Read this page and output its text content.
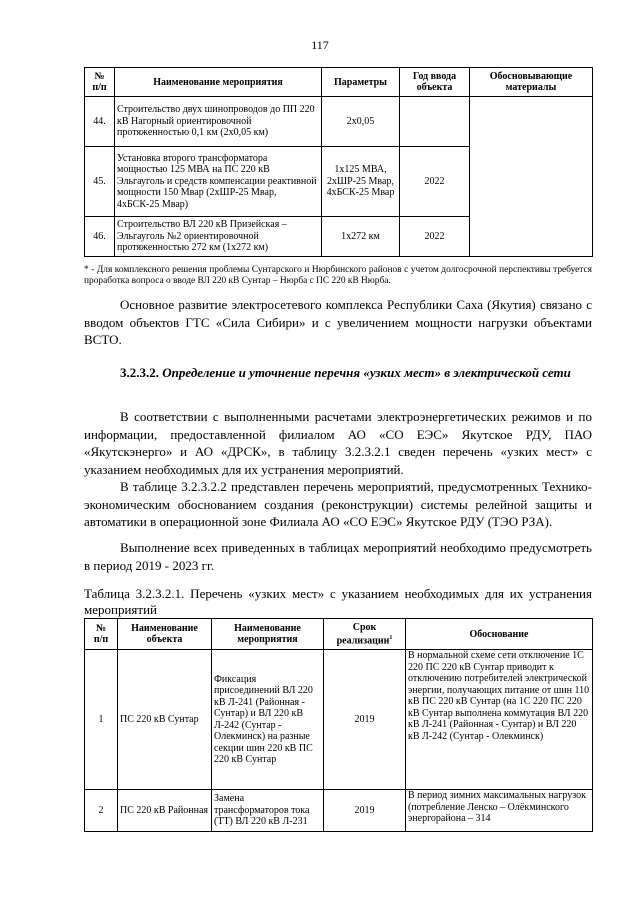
117
№
п/п	Наименование мероприятия	Параметры	Год ввода объекта	Обосновывающие материалы
44.	Строительство двух шинопроводов до ПП 220 кВ Нагорный ориентировочной протяженностью 0,1 км (2х0,05 км)	2х0,05		
45.	Установка второго трансформатора мощностью 125 МВА на ПС 220 кВ Эльгауголь и средств компенсации реактивной мощности 150 Мвар (2хШР-25 Мвар, 4хБСК-25 Мвар)	1х125 МВА, 2хШР-25 Мвар, 4хБСК-25 Мвар	2022	
46.	Строительство ВЛ 220 кВ Призейская – Эльгауголь №2 ориентировочной протяженностью 272 км (1х272 км)	1х272 км	2022	
* - Для комплексного решения проблемы Сунтарского и Нюрбинского районов с учетом долгосрочной перспективы требуется проработка вопроса о вводе ВЛ 220 кВ Сунтар – Нюрба с ПС 220 кВ Нюрба.
Основное развитие электросетевого комплекса Республики Саха (Якутия) связано с вводом объектов ГТС «Сила Сибири» и с увеличением мощности нагрузки объектами ВСТО.
3.2.3.2. Определение и уточнение перечня «узких мест» в электрической сети
В соответствии с выполненными расчетами электроэнергетических режимов и по информации, предоставленной филиалом АО «СО ЕЭС» Якутское РДУ, ПАО «Якутскэнерго» и АО «ДРСК», в таблицу 3.2.3.2.1 сведен перечень «узких мест» с указанием необходимых для их устранения мероприятий.
В таблице 3.2.3.2.2 представлен перечень мероприятий, предусмотренных Технико-экономическим обоснованием создания (реконструкции) системы релейной защиты и автоматики в операционной зоне Филиала АО «СО ЕЭС» Якутское РДУ (ТЭО РЗА).
Выполнение всех приведенных в таблицах мероприятий необходимо предусмотреть в период 2019 - 2023 гг.
Таблица 3.2.3.2.1. Перечень «узких мест» с указанием необходимых для их устранения мероприятий
№
п/п	Наименование объекта	Наименование мероприятия	Срок реализации$^1$	Обоснование
1	ПС 220 кВ Сунтар	Фиксация присоединений ВЛ 220 кВ Л-241 (Районная - Сунтар) и ВЛ 220 кВ Л-242 (Сунтар - Олекминск) на разные секции шин 220 кВ ПС 220 кВ Сунтар	2019	В нормальной схеме сети отключение 1С 220 ПС 220 кВ Сунтар приводит к отключению потребителей электрической энергии, получающих питание от шин 110 кВ ПС 220 кВ Сунтар (на 1С 220 ПС 220 кВ Сунтар выполнена коммутация ВЛ 220 кВ Л-241 (Районная - Сунтар) и ВЛ 220 кВ Л-242 (Сунтар - Олекминск)
2	ПС 220 кВ Районная	Замена трансформаторов тока (ТТ) ВЛ 220 кВ Л-231	2019	В период зимних максимальных нагрузок (потребление Ленско – Олёкминского энергорайона – 314
